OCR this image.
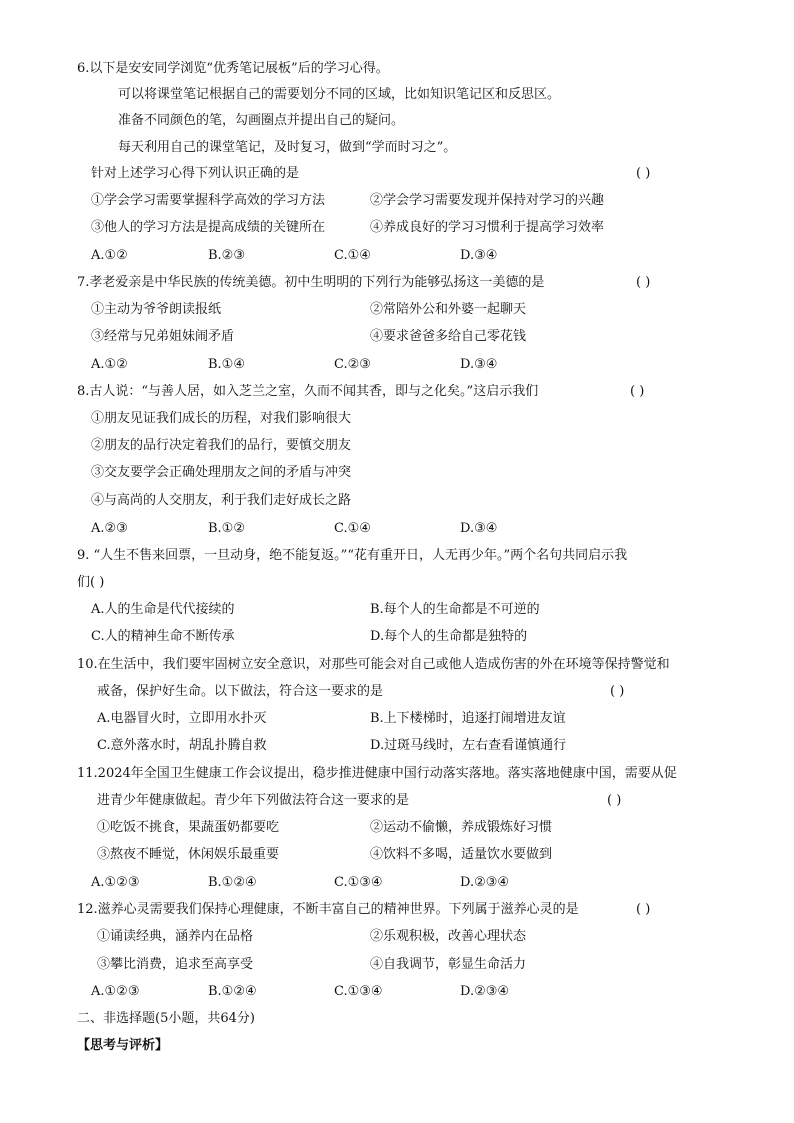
6.以下是安安同学浏览“优秀笔记展板”后的学习心得。
可以将课堂笔记根据自己的需要划分不同的区域，比如知识笔记区和反思区。
准备不同颜色的笔，勾画圈点并提出自己的疑问。
每天利用自己的课堂笔记，及时复习，做到“学而时习之”。
针对上述学习心得下列认识正确的是	( )
①学会学习需要掌握科学高效的学习方法	②学会学习需要发现并保持对学习的兴趣
③他人的学习方法是提高成绩的关键所在	④养成良好的学习习惯利于提高学习效率
A.①②	B.②③	C.①④	D.③④
7.孝老爱亲是中华民族的传统美德。初中生明明的下列行为能够弘扬这一美德的是	( )
①主动为爷爷朗读报纸	②常陪外公和外婆一起聊天
③经常与兄弟姐妹闹矛盾	④要求爸爸多给自己零花钱
A.①②	B.①④	C.②③	D.③④
8.古人说：“与善人居，如入芝兰之室，久而不闻其香，即与之化矣。”这启示我们	( )
①朋友见证我们成长的历程，对我们影响很大
②朋友的品行决定着我们的品行，要慎交朋友
③交友要学会正确处理朋友之间的矛盾与冲突
④与高尚的人交朋友，利于我们走好成长之路
A.②③	B.①②	C.①④	D.③④
9. “人生不售来回票，一旦动身，绝不能复返。”“花有重开日，人无再少年。”两个名句共同启示我
们( )
A.人的生命是代代接续的	B.每个人的生命都是不可逆的
C.人的精神生命不断传承	D.每个人的生命都是独特的
10.在生活中，我们要牢固树立安全意识，对那些可能会对自己或他人造成伤害的外在环境等保持警觉和
戒备，保护好生命。以下做法，符合这一要求的是	( )
A.电器冒火时，立即用水扑灭	B.上下楼梯时，追逐打闹增进友谊
C.意外落水时，胡乱扑腾自救	D.过斑马线时，左右查看谨慎通行
11.2024年全国卫生健康工作会议提出，稳步推进健康中国行动落实落地。落实落地健康中国，需要从促
进青少年健康做起。青少年下列做法符合这一要求的是	( )
①吃饭不挑食，果蔬蛋奶都要吃	②运动不偷懒，养成锻炼好习惯
③熬夜不睡觉，休闲娱乐最重要	④饮料不多喝，适量饮水要做到
A.①②③	B.①②④	C.①③④	D.②③④
12.滋养心灵需要我们保持心理健康，不断丰富自己的精神世界。下列属于滋养心灵的是	( )
①诵读经典，涵养内在品格	②乐观积极，改善心理状态
③攀比消费，追求至高享受	④自我调节，彰显生命活力
A.①②③	B.①②④	C.①③④	D.②③④
二、非选择题(5小题，共64分)
【思考与评析】
